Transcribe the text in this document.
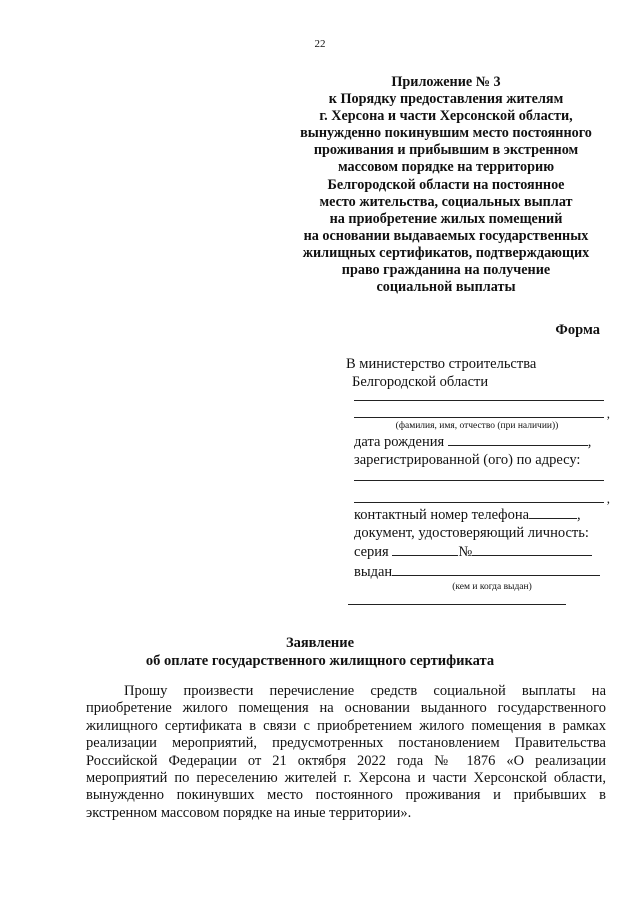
22
Приложение № 3
к Порядку предоставления жителям
г. Херсона и части Херсонской области,
вынужденно покинувшим место постоянного
проживания и прибывшим в экстренном
массовом порядке на территорию
Белгородской области на постоянное
место жительства, социальных выплат
на приобретение жилых помещений
на основании выдаваемых государственных
жилищных сертификатов, подтверждающих
право гражданина на получение
социальной выплаты
Форма
В министерство строительства
Белгородской области
,
(фамилия, имя, отчество (при наличии))
дата рождения	,
зарегистрированной (ого) по адресу:
,
контактный номер телефона	,
документ, удостоверяющий личность:
серия	№
выдан
(кем и когда выдан)
Заявление
об оплате государственного жилищного сертификата

Прошу произвести перечисление средств социальной выплаты на приобретение жилого помещения на основании выданного государственного жилищного сертификата в связи с приобретением жилого помещения в рамках реализации мероприятий, предусмотренных постановлением Правительства Российской Федерации от 21 октября 2022 года № 1876 «О реализации мероприятий по переселению жителей г. Херсона и части Херсонской области, вынужденно покинувших место постоянного проживания и прибывших в экстренном массовом порядке на иные территории».
